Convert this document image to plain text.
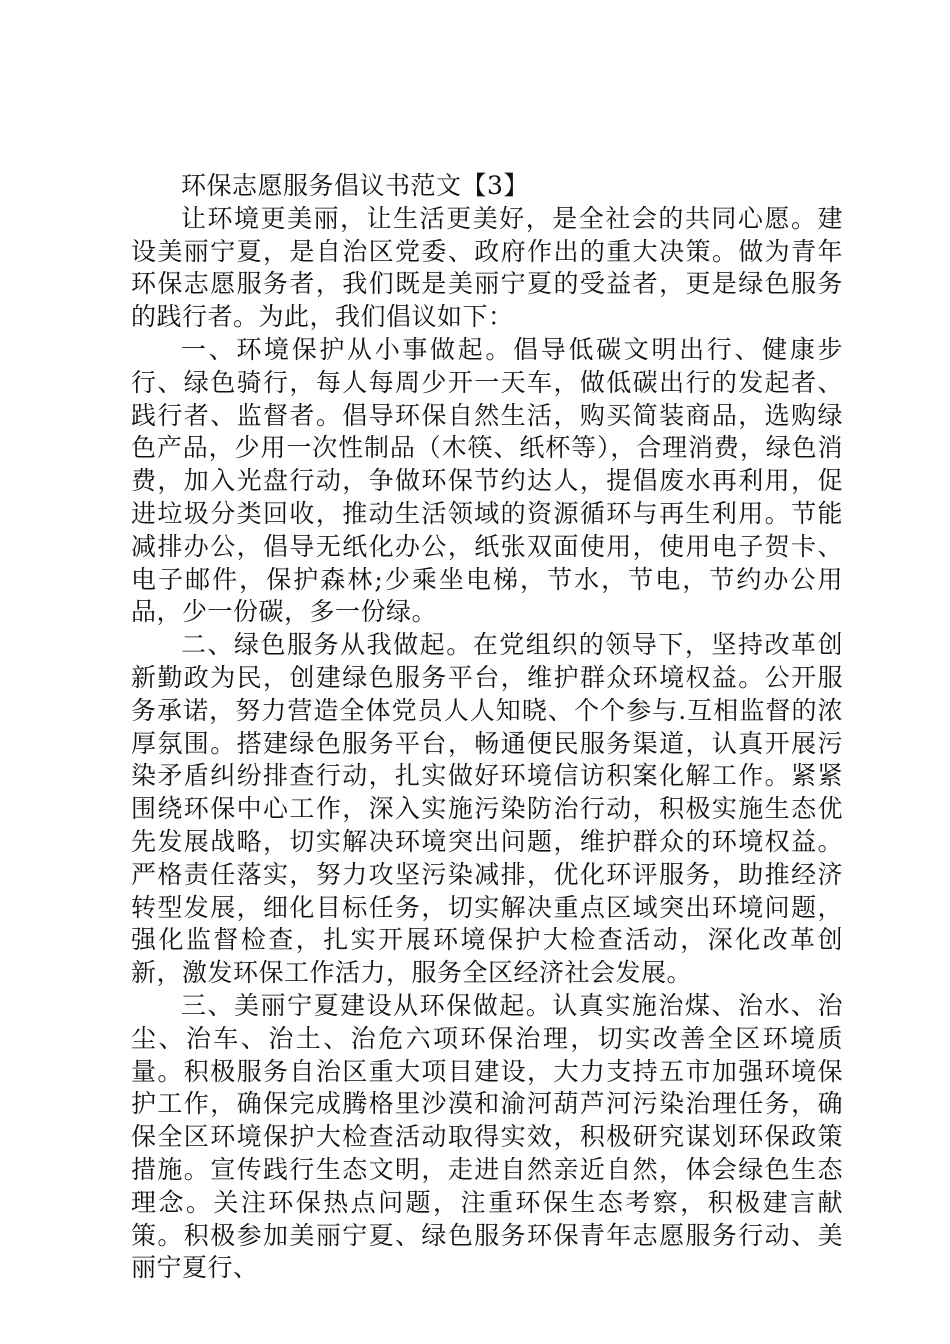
环保志愿服务倡议书范文【3】

让环境更美丽，让生活更美好，是全社会的共同心愿。建设美丽宁夏，是自治区党委、政府作出的重大决策。做为青年环保志愿服务者，我们既是美丽宁夏的受益者，更是绿色服务的践行者。为此，我们倡议如下：

一、环境保护从小事做起。倡导低碳文明出行、健康步行、绿色骑行，每人每周少开一天车，做低碳出行的发起者、践行者、监督者。倡导环保自然生活，购买简装商品，选购绿色产品，少用一次性制品（木筷、纸杯等），合理消费，绿色消费，加入光盘行动，争做环保节约达人，提倡废水再利用，促进垃圾分类回收，推动生活领域的资源循环与再生利用。节能减排办公，倡导无纸化办公，纸张双面使用，使用电子贺卡、电子邮件，保护森林;少乘坐电梯，节水，节电，节约办公用品，少一份碳，多一份绿。

二、绿色服务从我做起。在党组织的领导下，坚持改革创新勤政为民，创建绿色服务平台，维护群众环境权益。公开服务承诺，努力营造全体党员人人知晓、个个参与.互相监督的浓厚氛围。搭建绿色服务平台，畅通便民服务渠道，认真开展污染矛盾纠纷排查行动，扎实做好环境信访积案化解工作。紧紧围绕环保中心工作，深入实施污染防治行动，积极实施生态优先发展战略，切实解决环境突出问题，维护群众的环境权益。严格责任落实，努力攻坚污染减排，优化环评服务，助推经济转型发展，细化目标任务，切实解决重点区域突出环境问题，强化监督检查，扎实开展环境保护大检查活动，深化改革创新，激发环保工作活力，服务全区经济社会发展。

三、美丽宁夏建设从环保做起。认真实施治煤、治水、治尘、治车、治土、治危六项环保治理，切实改善全区环境质量。积极服务自治区重大项目建设，大力支持五市加强环境保护工作，确保完成腾格里沙漠和渝河葫芦河污染治理任务，确保全区环境保护大检查活动取得实效，积极研究谋划环保政策措施。宣传践行生态文明，走进自然亲近自然，体会绿色生态理念。关注环保热点问题，注重环保生态考察，积极建言献策。积极参加美丽宁夏、绿色服务环保青年志愿服务行动、美丽宁夏行、
